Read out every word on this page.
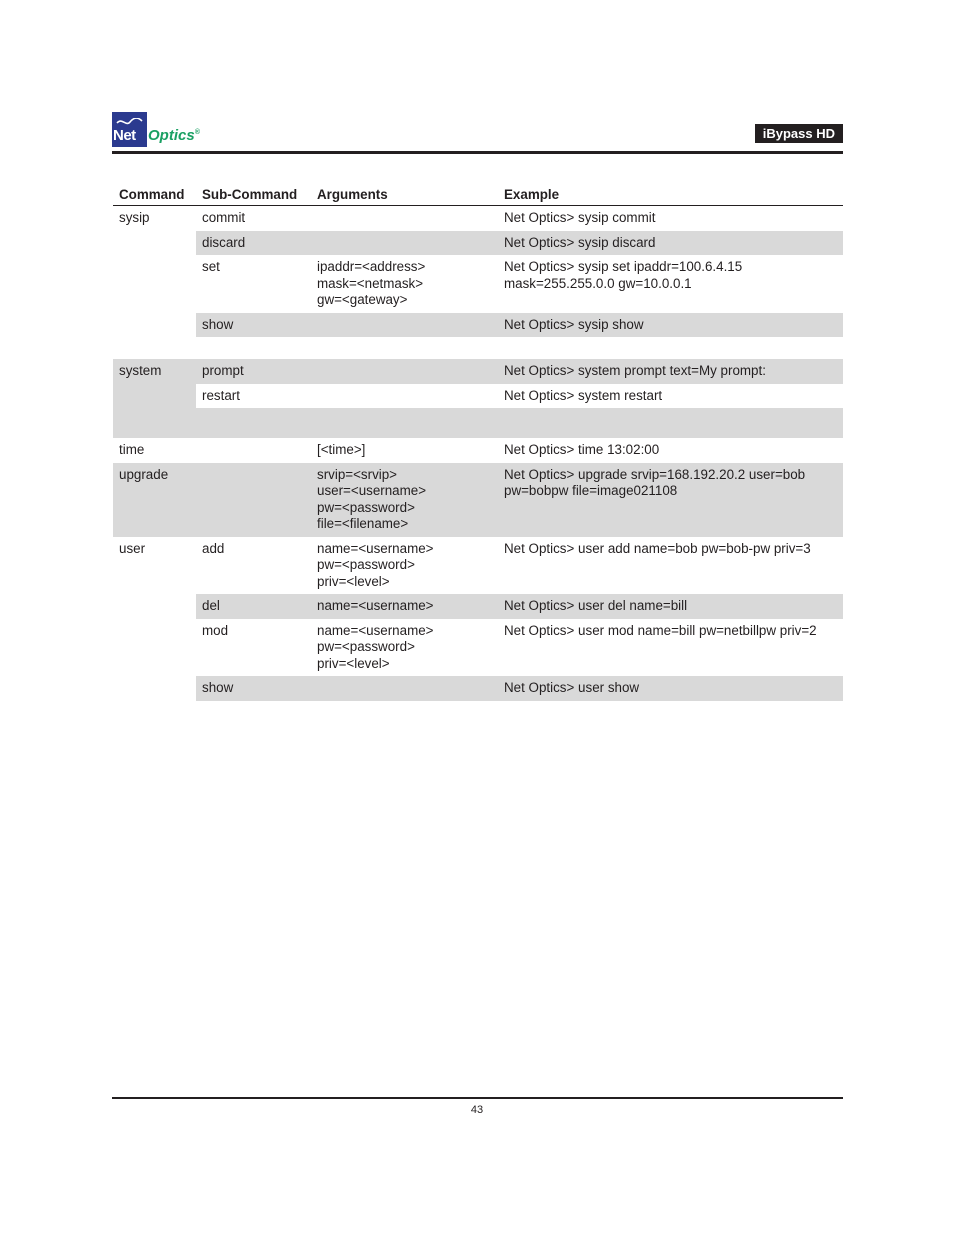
Net Optics®	iBypass HD
Command	Sub-Command	Arguments	Example
sysip	commit		Net Optics> sysip commit
	discard		Net Optics> sysip discard
	set	ipaddr=<address>
mask=<netmask>
gw=<gateway>	Net Optics> sysip set ipaddr=100.6.4.15
mask=255.255.0.0 gw=10.0.0.1

	show		Net Optics> sysip show

system	prompt		Net Optics> system prompt text=My prompt:
	restart		Net Optics> system restart

time		[<time>]	Net Optics> time 13:02:00
upgrade		srvip=<srvip>
user=<username>
pw=<password>
file=<filename>	Net Optics> upgrade srvip=168.192.20.2 user=bob
pw=bobpw file=image021108

user	add	name=<username>
pw=<password>
priv=<level>	Net Optics> user add name=bob pw=bob-pw priv=3
	del	name=<username>	Net Optics> user del name=bill
	mod	name=<username>
pw=<password>
priv=<level>	Net Optics> user mod name=bill pw=netbillpw priv=2
	show		Net Optics> user show
43
